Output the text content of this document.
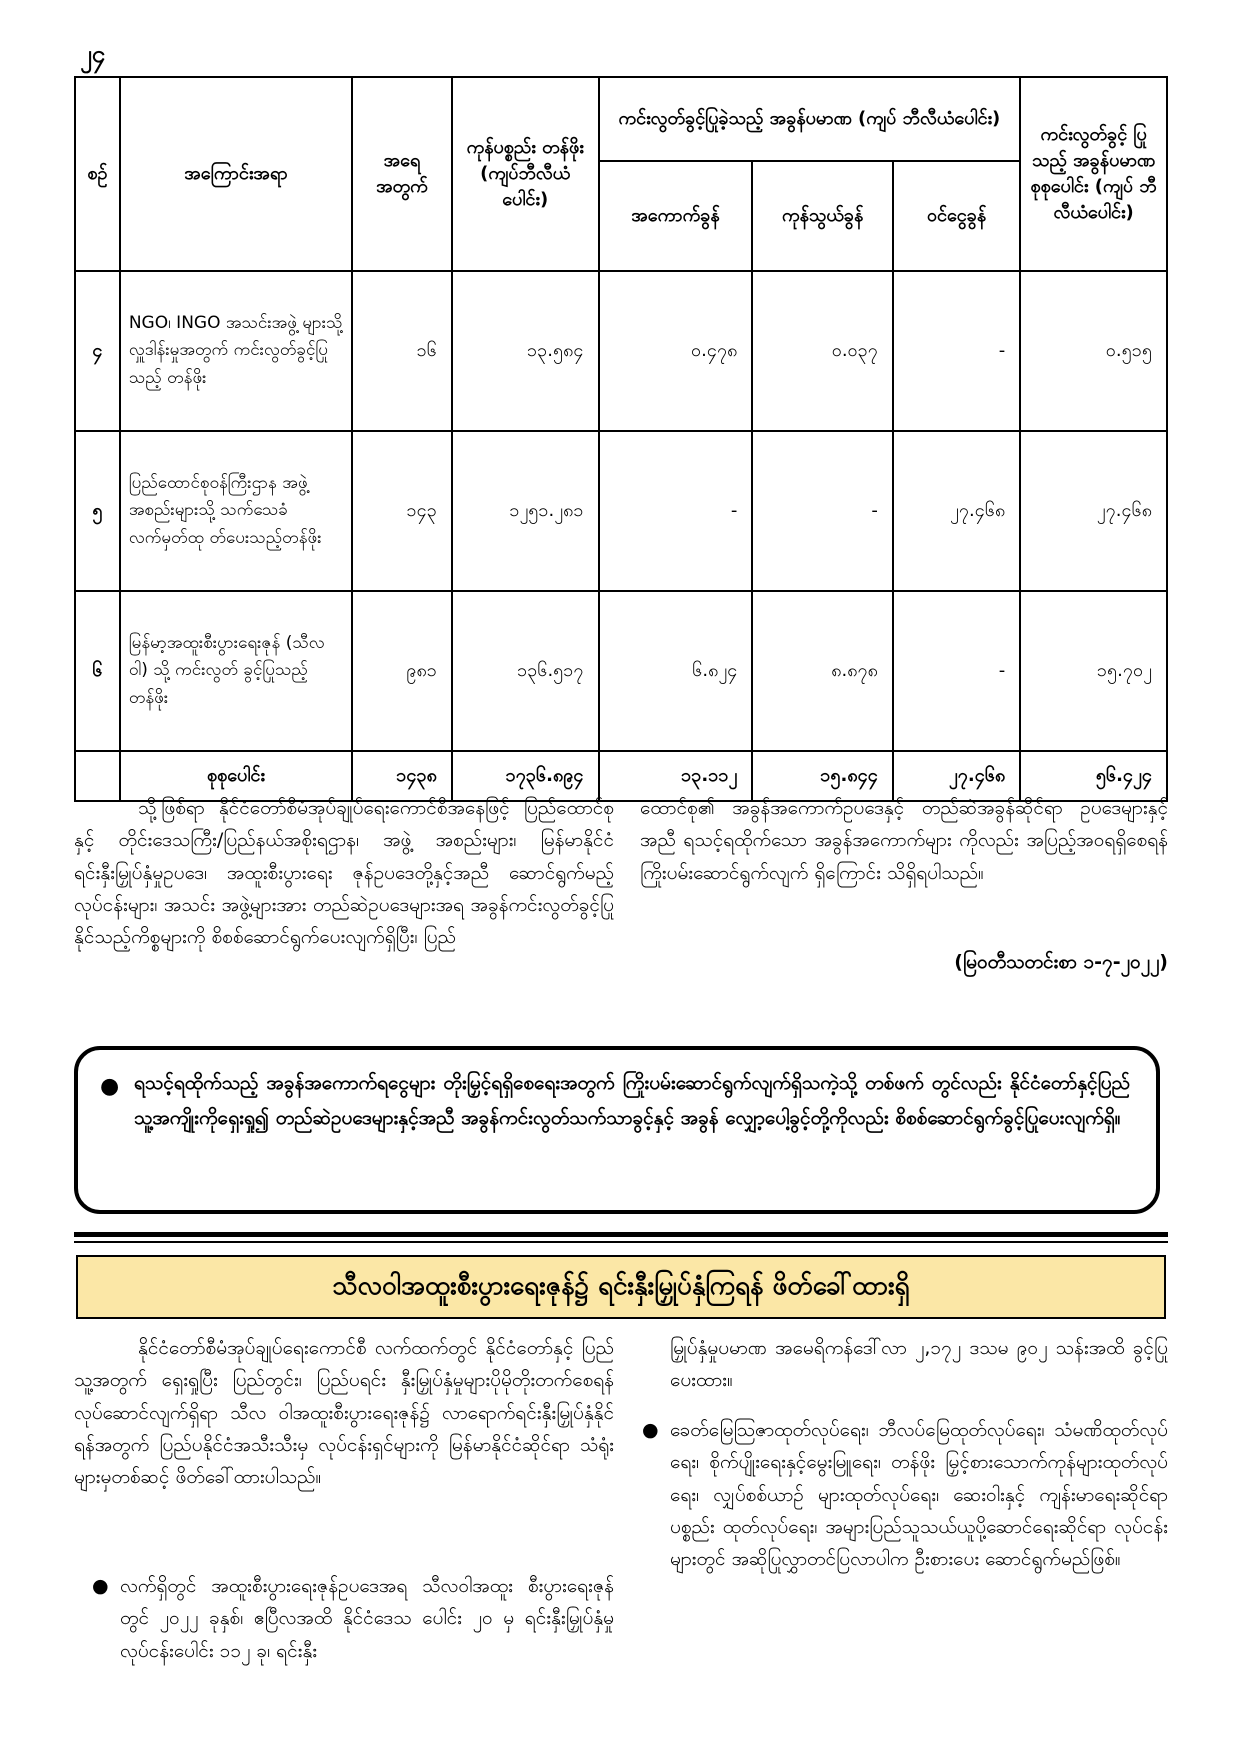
၂၄
စဉ်	အကြောင်းအရာ	အရေ အတွက်	ကုန်ပစ္စည်း တန်ဖိုး (ကျပ်ဘီလီယံ ပေါင်း)	ကင်းလွတ်ခွင့်ပြုခဲ့သည့် အခွန်ပမာဏ (ကျပ် ဘီလီယံပေါင်း)			ကင်းလွတ်ခွင့် ပြုသည့် အခွန်ပမာဏ စုစုပေါင်း (ကျပ် ဘီလီယံပေါင်း)
				အကောက်ခွန်	ကုန်သွယ်ခွန်	ဝင်ငွေခွန်	
၄	NGO၊ INGO အသင်းအဖွဲ့ များသို့ လှူဒါန်းမှုအတွက် ကင်းလွတ်ခွင့်ပြုသည့် တန်ဖိုး	၁၆	၁၃.၅၈၄	၀.၄၇၈	၀.၀၃၇	-	၀.၅၁၅
၅	ပြည်ထောင်စုဝန်ကြီးဌာန အဖွဲ့ အစည်းများသို့ သက်သေခံလက်မှတ်ထု တ်ပေးသည့်တန်ဖိုး	၁၄၃	၁၂၅၁.၂၈၁	-	-	၂၇.၄၆၈	၂၇.၄၆၈
၆	မြန်မာ့အထူးစီးပွားရေးဇုန် (သီလဝါ) သို့ ကင်းလွတ် ခွင့်ပြုသည့် တန်ဖိုး	၉၈၁	၁၃၆.၅၁၇	၆.၈၂၄	၈.၈၇၈	-	၁၅.၇၀၂
	စုစုပေါင်း	၁၄၃၈	၁၇၃၆.၈၉၄	၁၃.၁၁၂	၁၅.၈၄၄	၂၇.၄၆၈	၅၆.၄၂၄

သို့ဖြစ်ရာ နိုင်ငံတော်စီမံအုပ်ချုပ်ရေးကောင်စီအနေဖြင့် ပြည်ထောင်စုနှင့် တိုင်းဒေသကြီး/ပြည်နယ်အစိုးရဌာန၊ အဖွဲ့ အစည်းများ၊ မြန်မာနိုင်ငံရင်းနှီးမြှုပ်နှံမှုဥပဒေ၊ အထူးစီးပွားရေး ဇုန်ဥပဒေတို့နှင့်အညီ ဆောင်ရွက်မည့်လုပ်ငန်းများ၊ အသင်း အဖွဲ့များအား တည်ဆဲဥပဒေများအရ အခွန်ကင်းလွတ်ခွင့်ပြု နိုင်သည့်ကိစ္စများကို စိစစ်ဆောင်ရွက်ပေးလျက်ရှိပြီး၊ ပြည်

ထောင်စု၏ အခွန်အကောက်ဥပဒေနှင့် တည်ဆဲအခွန်ဆိုင်ရာ ဥပဒေများနှင့်အညီ ရသင့်ရထိုက်သော အခွန်အကောက်များ ကိုလည်း အပြည့်အဝရရှိစေရန် ကြိုးပမ်းဆောင်ရွက်လျက် ရှိကြောင်း သိရှိရပါသည်။

(မြဝတီသတင်းစာ ၁-၇-၂၀၂၂)
● ရသင့်ရထိုက်သည့် အခွန်အကောက်ရငွေများ တိုးမြှင့်ရရှိစေရေးအတွက် ကြိုးပမ်းဆောင်ရွက်လျက်ရှိသကဲ့သို့ တစ်ဖက် တွင်လည်း နိုင်ငံတော်နှင့်ပြည်သူ့အကျိုးကိုရှေးရှု၍ တည်ဆဲဥပဒေများနှင့်အညီ အခွန်ကင်းလွတ်သက်သာခွင့်နှင့် အခွန် လျှော့ပေါ့ခွင့်တို့ကိုလည်း စိစစ်ဆောင်ရွက်ခွင့်ပြုပေးလျက်ရှိ။

သီလဝါအထူးစီးပွားရေးဇုန်၌ ရင်းနှီးမြှုပ်နှံကြရန် ဖိတ်ခေါ်ထားရှိ

နိုင်ငံတော်စီမံအုပ်ချုပ်ရေးကောင်စီ လက်ထက်တွင် နိုင်ငံတော်နှင့် ပြည်သူ့အတွက် ရှေးရှုပြီး ပြည်တွင်း၊ ပြည်ပရင်း နှီးမြှုပ်နှံမှုများပိုမိုတိုးတက်စေရန် လုပ်ဆောင်လျက်ရှိရာ သီလ ဝါအထူးစီးပွားရေးဇုန်၌ လာရောက်ရင်းနှီးမြှုပ်နှံနိုင်ရန်အတွက် ပြည်ပနိုင်ငံအသီးသီးမှ လုပ်ငန်းရှင်များကို မြန်မာနိုင်ငံဆိုင်ရာ သံရုံးများမှတစ်ဆင့် ဖိတ်ခေါ်ထားပါသည်။

● လက်ရှိတွင် အထူးစီးပွားရေးဇုန်ဥပဒေအရ သီလဝါအထူး စီးပွားရေးဇုန်တွင် ၂၀၂၂ ခုနှစ်၊ ဧပြီလအထိ နိုင်ငံဒေသ ပေါင်း ၂၀ မှ ရင်းနှီးမြှုပ်နှံမှုလုပ်ငန်းပေါင်း ၁၁၂ ခု၊ ရင်းနှီး

မြှုပ်နှံမှုပမာဏ အမေရိကန်ဒေါ်လာ ၂,၁၇၂ ဒသမ ၉၀၂ သန်းအထိ ခွင့်ပြုပေးထား။

● ခေတ်မြေဩဇာထုတ်လုပ်ရေး၊ ဘီလပ်မြေထုတ်လုပ်ရေး၊ သံမဏိထုတ်လုပ်ရေး၊ စိုက်ပျိုးရေးနှင့်မွေးမြူရေး၊ တန်ဖိုး မြှင့်စားသောက်ကုန်များထုတ်လုပ်ရေး၊ လျှပ်စစ်ယာဉ် များထုတ်လုပ်ရေး၊ ဆေးဝါးနှင့် ကျန်းမာရေးဆိုင်ရာပစ္စည်း ထုတ်လုပ်ရေး၊ အများပြည်သူသယ်ယူပို့ဆောင်ရေးဆိုင်ရာ လုပ်ငန်းများတွင် အဆိုပြုလွှာတင်ပြလာပါက ဦးစားပေး ဆောင်ရွက်မည်ဖြစ်။
